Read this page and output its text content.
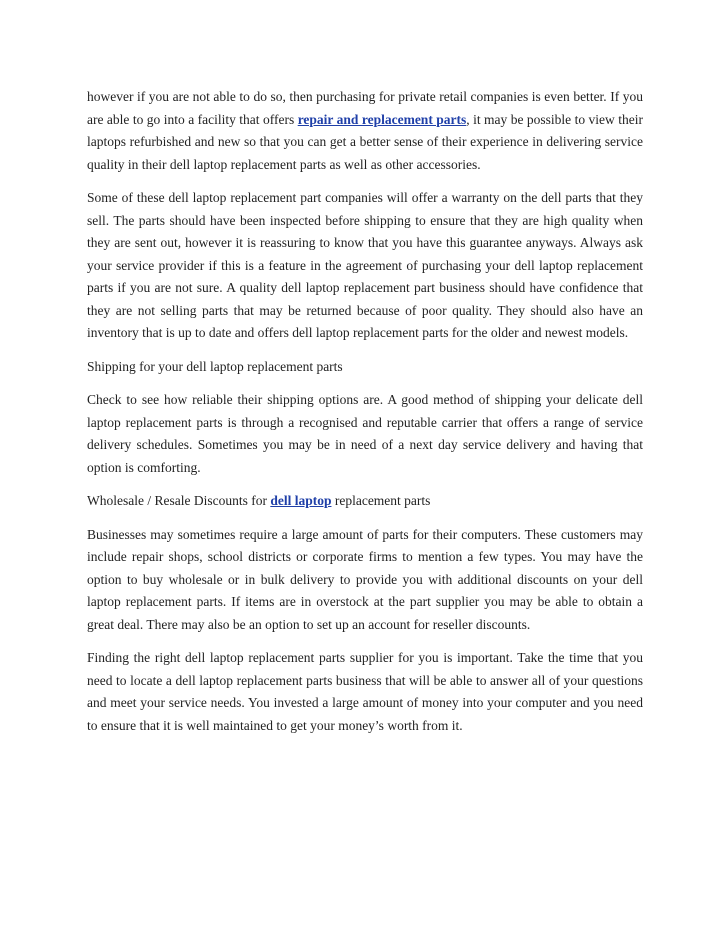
however if you are not able to do so, then purchasing for private retail companies is even better. If you are able to go into a facility that offers repair and replacement parts, it may be possible to view their laptops refurbished and new so that you can get a better sense of their experience in delivering service quality in their dell laptop replacement parts as well as other accessories.

Some of these dell laptop replacement part companies will offer a warranty on the dell parts that they sell. The parts should have been inspected before shipping to ensure that they are high quality when they are sent out, however it is reassuring to know that you have this guarantee anyways. Always ask your service provider if this is a feature in the agreement of purchasing your dell laptop replacement parts if you are not sure. A quality dell laptop replacement part business should have confidence that they are not selling parts that may be returned because of poor quality. They should also have an inventory that is up to date and offers dell laptop replacement parts for the older and newest models.

Shipping for your dell laptop replacement parts

Check to see how reliable their shipping options are. A good method of shipping your delicate dell laptop replacement parts is through a recognised and reputable carrier that offers a range of service delivery schedules. Sometimes you may be in need of a next day service delivery and having that option is comforting.

Wholesale / Resale Discounts for dell laptop replacement parts

Businesses may sometimes require a large amount of parts for their computers. These customers may include repair shops, school districts or corporate firms to mention a few types. You may have the option to buy wholesale or in bulk delivery to provide you with additional discounts on your dell laptop replacement parts. If items are in overstock at the part supplier you may be able to obtain a great deal. There may also be an option to set up an account for reseller discounts.

Finding the right dell laptop replacement parts supplier for you is important. Take the time that you need to locate a dell laptop replacement parts business that will be able to answer all of your questions and meet your service needs. You invested a large amount of money into your computer and you need to ensure that it is well maintained to get your money’s worth from it.
